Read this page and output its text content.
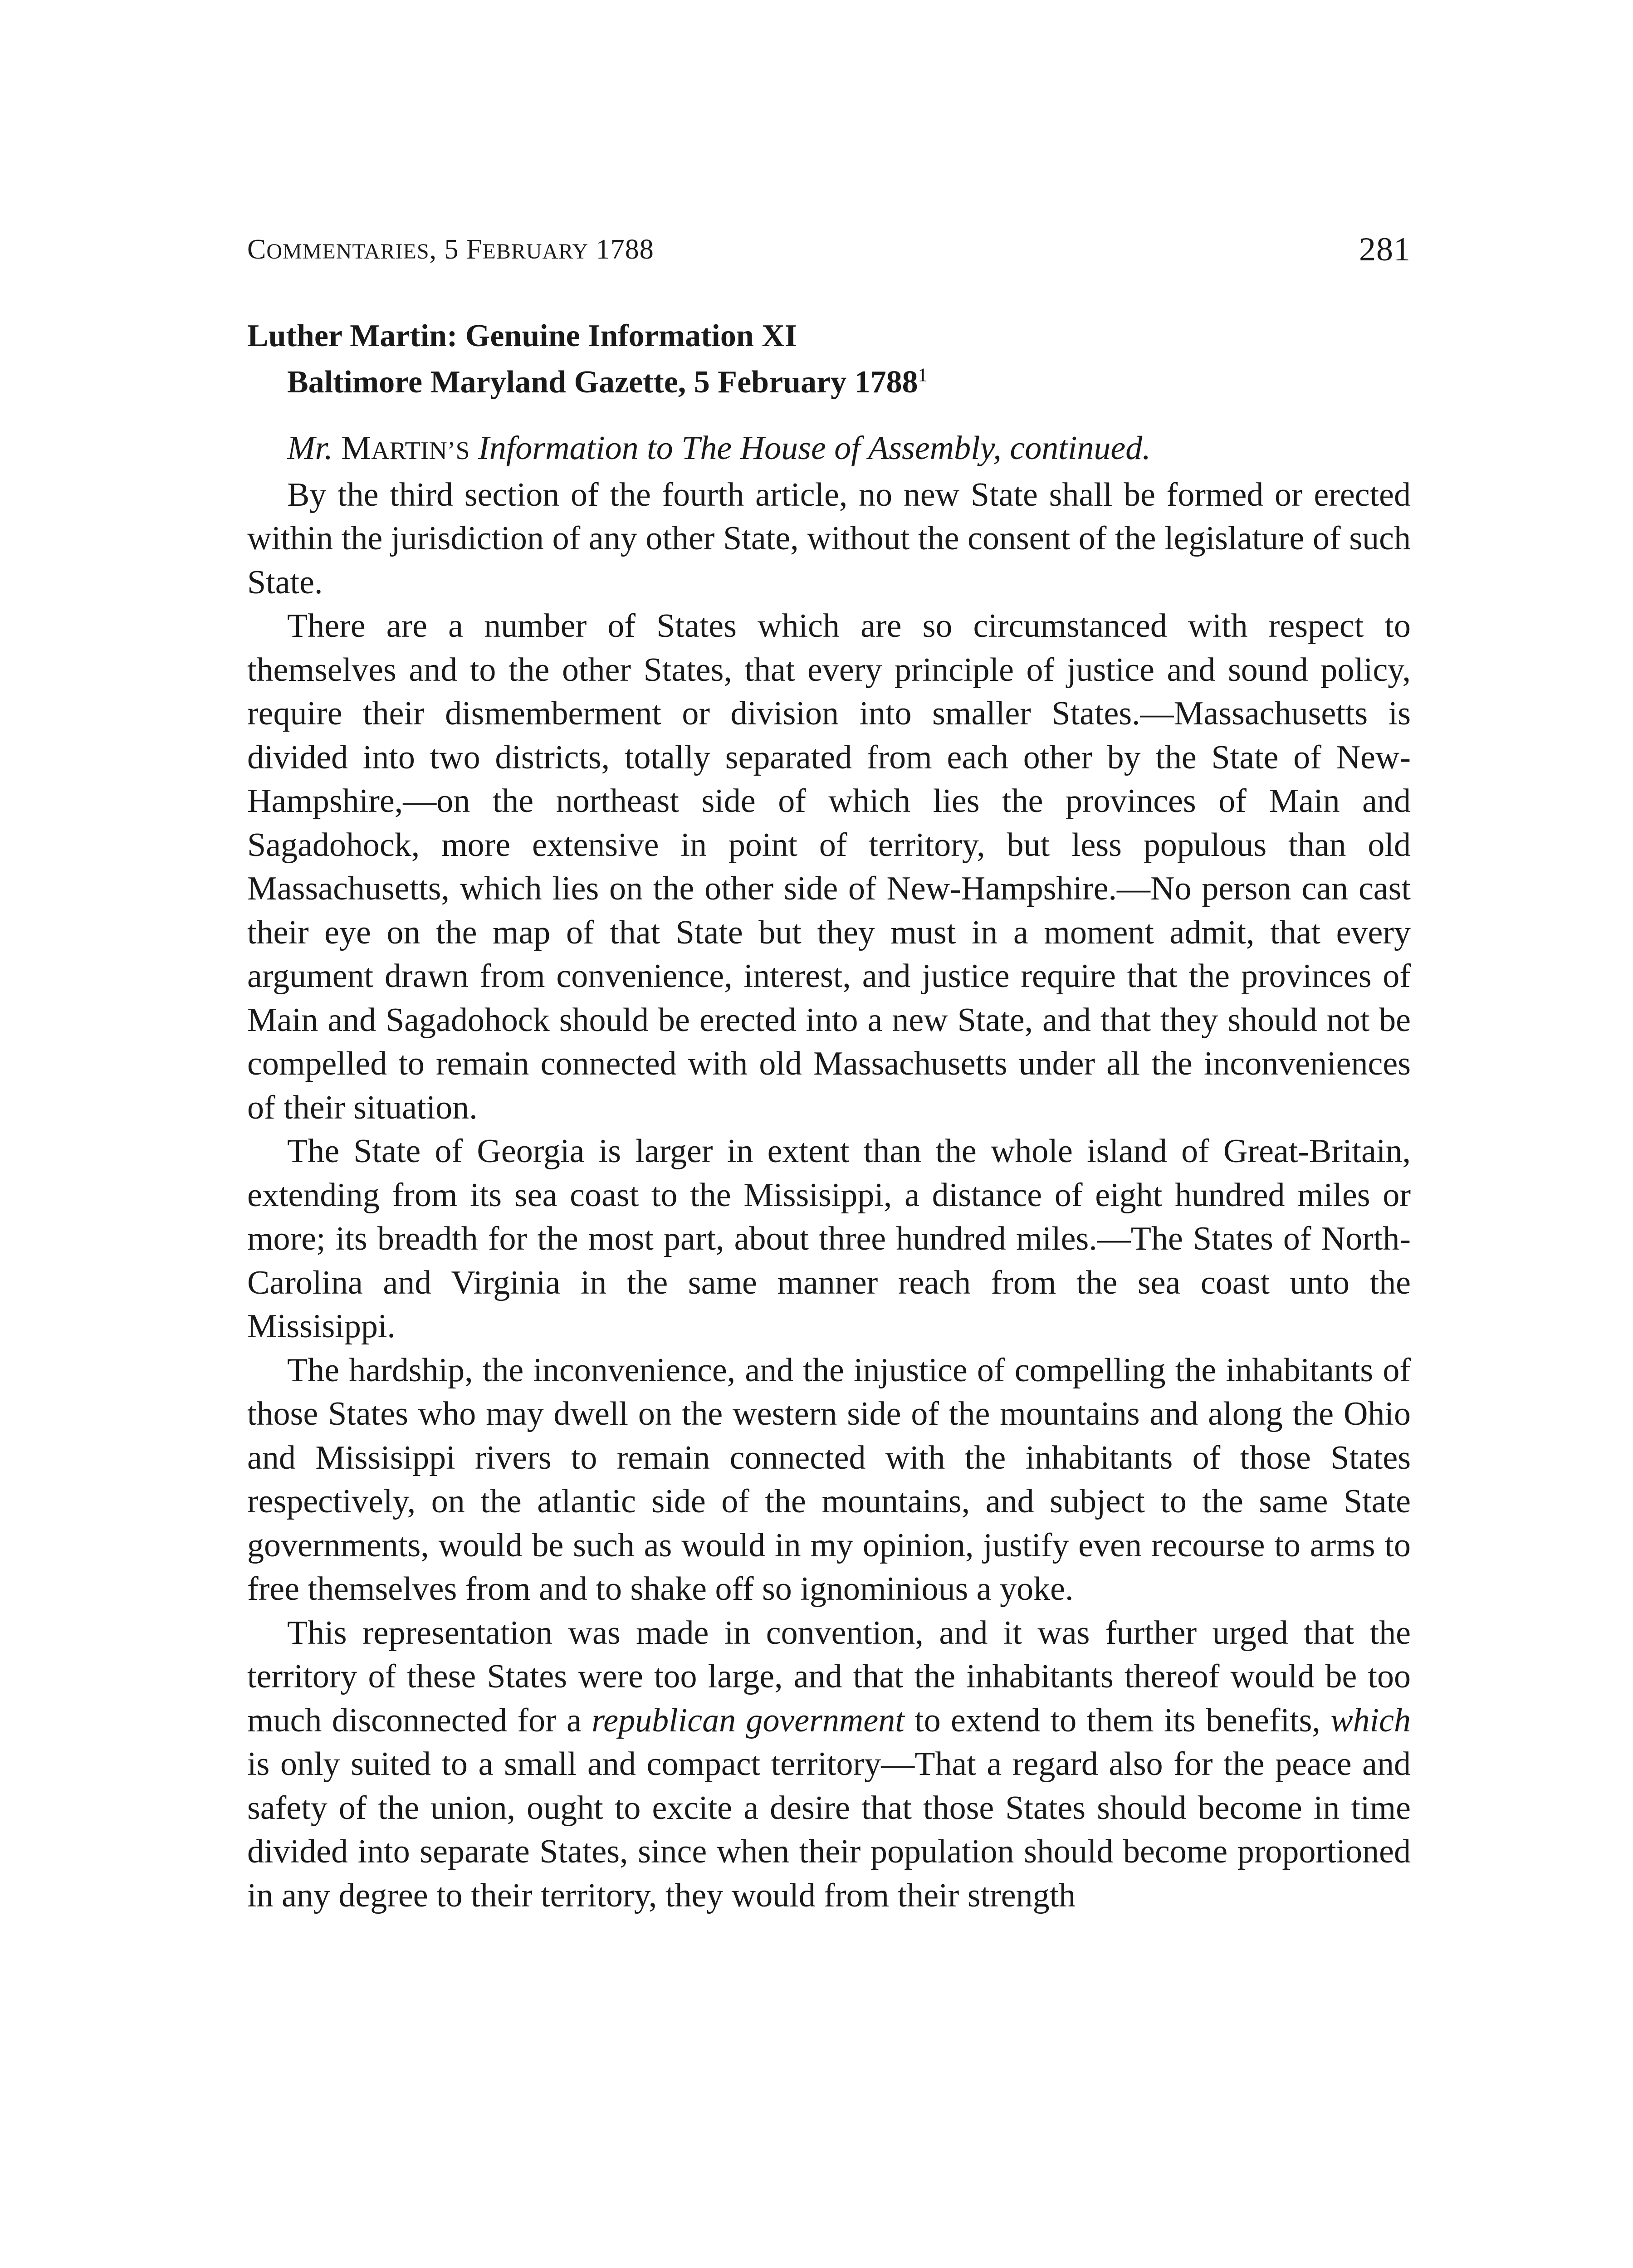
COMMENTARIES, 5 FEBRUARY 1788	281
Luther Martin: Genuine Information XI
Baltimore Maryland Gazette, 5 February 1788$^1$

Mr. MARTIN’S Information to The House of Assembly, continued.

By the third section of the fourth article, no new State shall be formed or erected within the jurisdiction of any other State, without the consent of the legislature of such State.

There are a number of States which are so circumstanced with respect to themselves and to the other States, that every principle of justice and sound policy, require their dismemberment or division into smaller States.—Massachusetts is divided into two districts, totally separated from each other by the State of New-Hampshire,—on the northeast side of which lies the provinces of Main and Sagadohock, more extensive in point of territory, but less populous than old Massachusetts, which lies on the other side of New-Hampshire.—No person can cast their eye on the map of that State but they must in a moment admit, that every argument drawn from convenience, interest, and justice require that the provinces of Main and Sagadohock should be erected into a new State, and that they should not be compelled to remain connected with old Massachusetts under all the inconveniences of their situation.

The State of Georgia is larger in extent than the whole island of Great-Britain, extending from its sea coast to the Missisippi, a distance of eight hundred miles or more; its breadth for the most part, about three hundred miles.—The States of North-Carolina and Virginia in the same manner reach from the sea coast unto the Missisippi.

The hardship, the inconvenience, and the injustice of compelling the inhabitants of those States who may dwell on the western side of the mountains and along the Ohio and Missisippi rivers to remain connected with the inhabitants of those States respectively, on the atlantic side of the mountains, and subject to the same State governments, would be such as would in my opinion, justify even recourse to arms to free themselves from and to shake off so ignominious a yoke.

This representation was made in convention, and it was further urged that the territory of these States were too large, and that the inhabitants thereof would be too much disconnected for a republican government to extend to them its benefits, which is only suited to a small and compact territory—That a regard also for the peace and safety of the union, ought to excite a desire that those States should become in time divided into separate States, since when their population should become proportioned in any degree to their territory, they would from their strength
